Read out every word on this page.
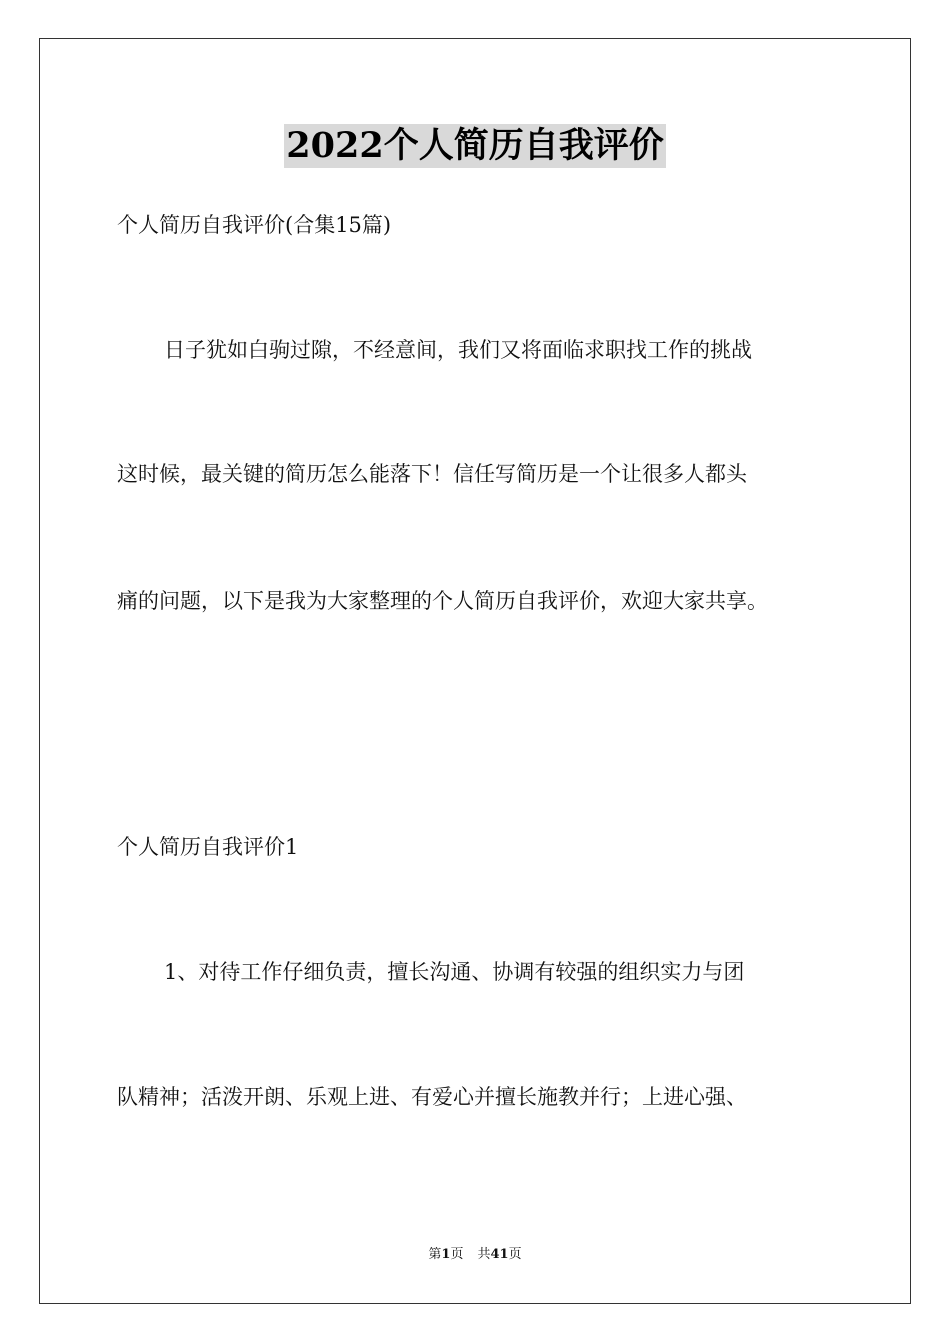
2022个人简历自我评价

个人简历自我评价(合集15篇)

日子犹如白驹过隙，不经意间，我们又将面临求职找工作的挑战

这时候，最关键的简历怎么能落下！信任写简历是一个让很多人都头

痛的问题，以下是我为大家整理的个人简历自我评价，欢迎大家共享。

个人简历自我评价1

1、对待工作仔细负责，擅长沟通、协调有较强的组织实力与团

队精神；活泼开朗、乐观上进、有爱心并擅长施教并行；上进心强、

第1页 共41页
